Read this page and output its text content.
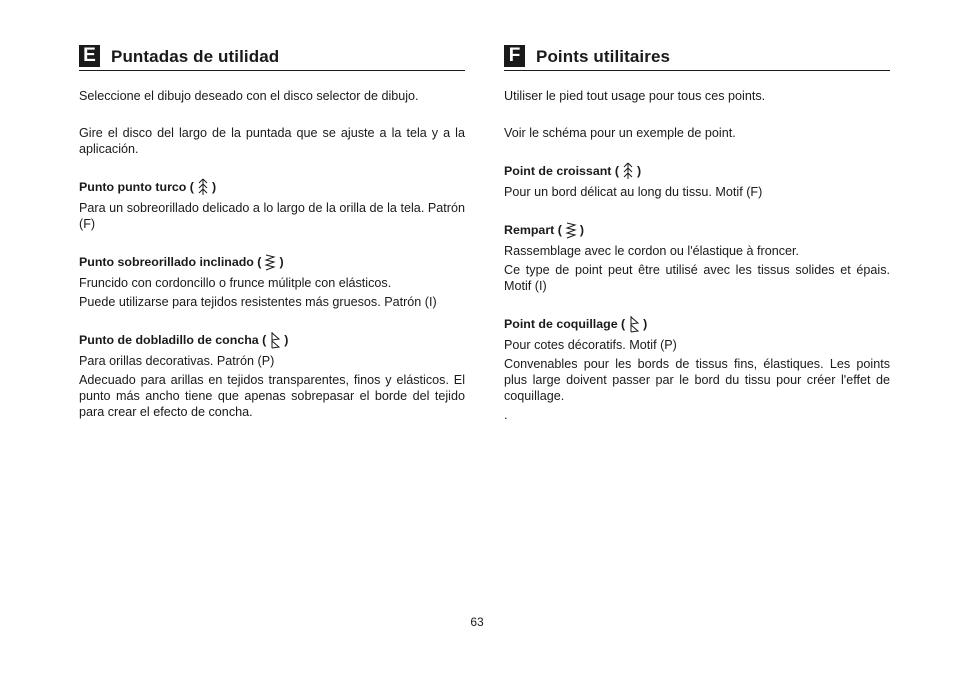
E Puntadas de utilidad

Seleccione el dibujo deseado con el disco selector de dibujo.

Gire el disco del largo de la puntada que se ajuste a la tela y a la aplicación.

Punto punto turco ( )

Para un sobreorillado delicado a lo largo de la orilla de la tela. Patrón (F)

Punto sobreorillado inclinado ( )

Fruncido con cordoncillo o frunce múlitple con elásticos.

Puede utilizarse para tejidos resistentes más gruesos. Patrón (I)

Punto de dobladillo de concha ( )

Para orillas decorativas. Patrón (P)

Adecuado para arillas en tejidos transparentes, finos y elásticos. El punto más ancho tiene que apenas sobrepasar el borde del tejido para crear el efecto de concha.

F Points utilitaires

Utiliser le pied tout usage pour tous ces points.

Voir le schéma pour un exemple de point.

Point de croissant ( )

Pour un bord délicat au long du tissu. Motif (F)

Rempart ( )

Rassemblage avec le cordon ou l'élastique à froncer.

Ce type de point peut être utilisé avec les tissus solides et épais. Motif (I)

Point de coquillage ( )

Pour cotes décoratifs. Motif (P)

Convenables pour les bords de tissus fins, élastiques. Les points plus large doivent passer par le bord du tissu pour créer l'effet de coquillage.

.

63
